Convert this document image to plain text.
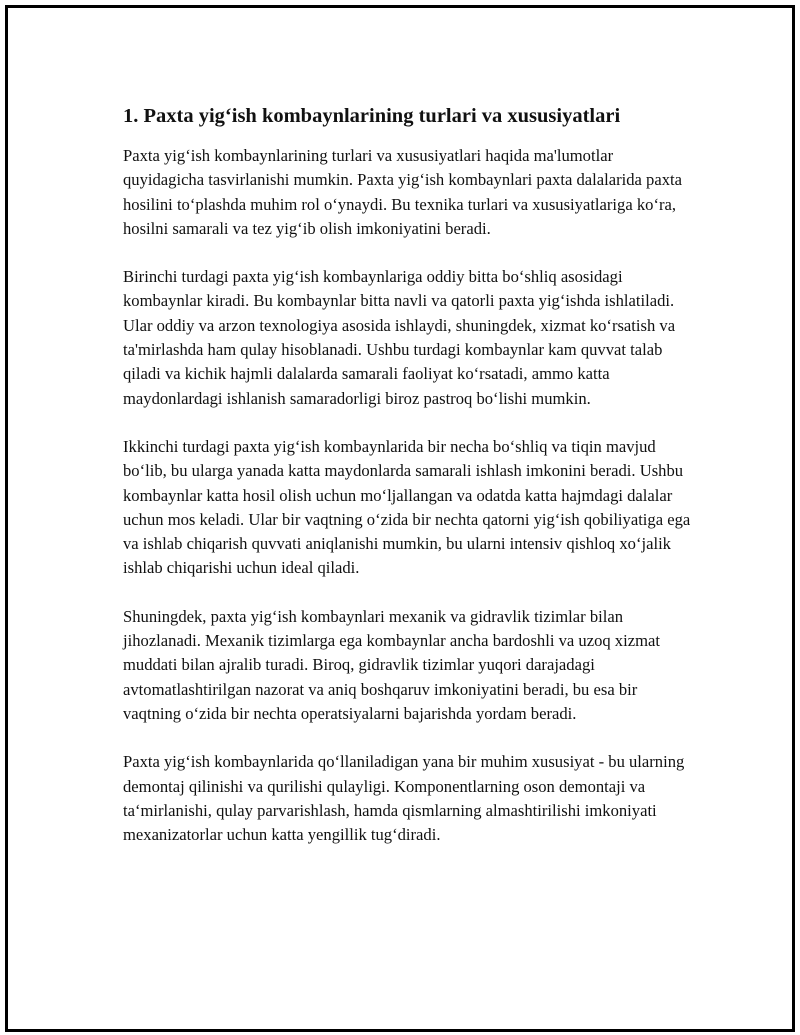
1. Paxta yig‘ish kombaynlarining turlari va xususiyatlari

Paxta yig‘ish kombaynlarining turlari va xususiyatlari haqida ma'lumotlar quyidagicha tasvirlanishi mumkin. Paxta yig‘ish kombaynlari paxta dalalarida paxta hosilini to‘plashda muhim rol o‘ynaydi. Bu texnika turlari va xususiyatlariga ko‘ra, hosilni samarali va tez yig‘ib olish imkoniyatini beradi.

Birinchi turdagi paxta yig‘ish kombaynlariga oddiy bitta bo‘shliq asosidagi kombaynlar kiradi. Bu kombaynlar bitta navli va qatorli paxta yig‘ishda ishlatiladi. Ular oddiy va arzon texnologiya asosida ishlaydi, shuningdek, xizmat ko‘rsatish va ta'mirlashda ham qulay hisoblanadi. Ushbu turdagi kombaynlar kam quvvat talab qiladi va kichik hajmli dalalarda samarali faoliyat ko‘rsatadi, ammo katta maydonlardagi ishlanish samaradorligi biroz pastroq bo‘lishi mumkin.

Ikkinchi turdagi paxta yig‘ish kombaynlarida bir necha bo‘shliq va tiqin mavjud bo‘lib, bu ularga yanada katta maydonlarda samarali ishlash imkonini beradi. Ushbu kombaynlar katta hosil olish uchun mo‘ljallangan va odatda katta hajmdagi dalalar uchun mos keladi. Ular bir vaqtning o‘zida bir nechta qatorni yig‘ish qobiliyatiga ega va ishlab chiqarish quvvati aniqlanishi mumkin, bu ularni intensiv qishloq xo‘jalik ishlab chiqarishi uchun ideal qiladi.

Shuningdek, paxta yig‘ish kombaynlari mexanik va gidravlik tizimlar bilan jihozlanadi. Mexanik tizimlarga ega kombaynlar ancha bardoshli va uzoq xizmat muddati bilan ajralib turadi. Biroq, gidravlik tizimlar yuqori darajadagi avtomatlashtirilgan nazorat va aniq boshqaruv imkoniyatini beradi, bu esa bir vaqtning o‘zida bir nechta operatsiyalarni bajarishda yordam beradi.

Paxta yig‘ish kombaynlarida qo‘llaniladigan yana bir muhim xususiyat - bu ularning demontaj qilinishi va qurilishi qulayligi. Komponentlarning oson demontaji va ta‘mirlanishi, qulay parvarishlash, hamda qismlarning almashtirilishi imkoniyati mexanizatorlar uchun katta yengillik tug‘diradi.
